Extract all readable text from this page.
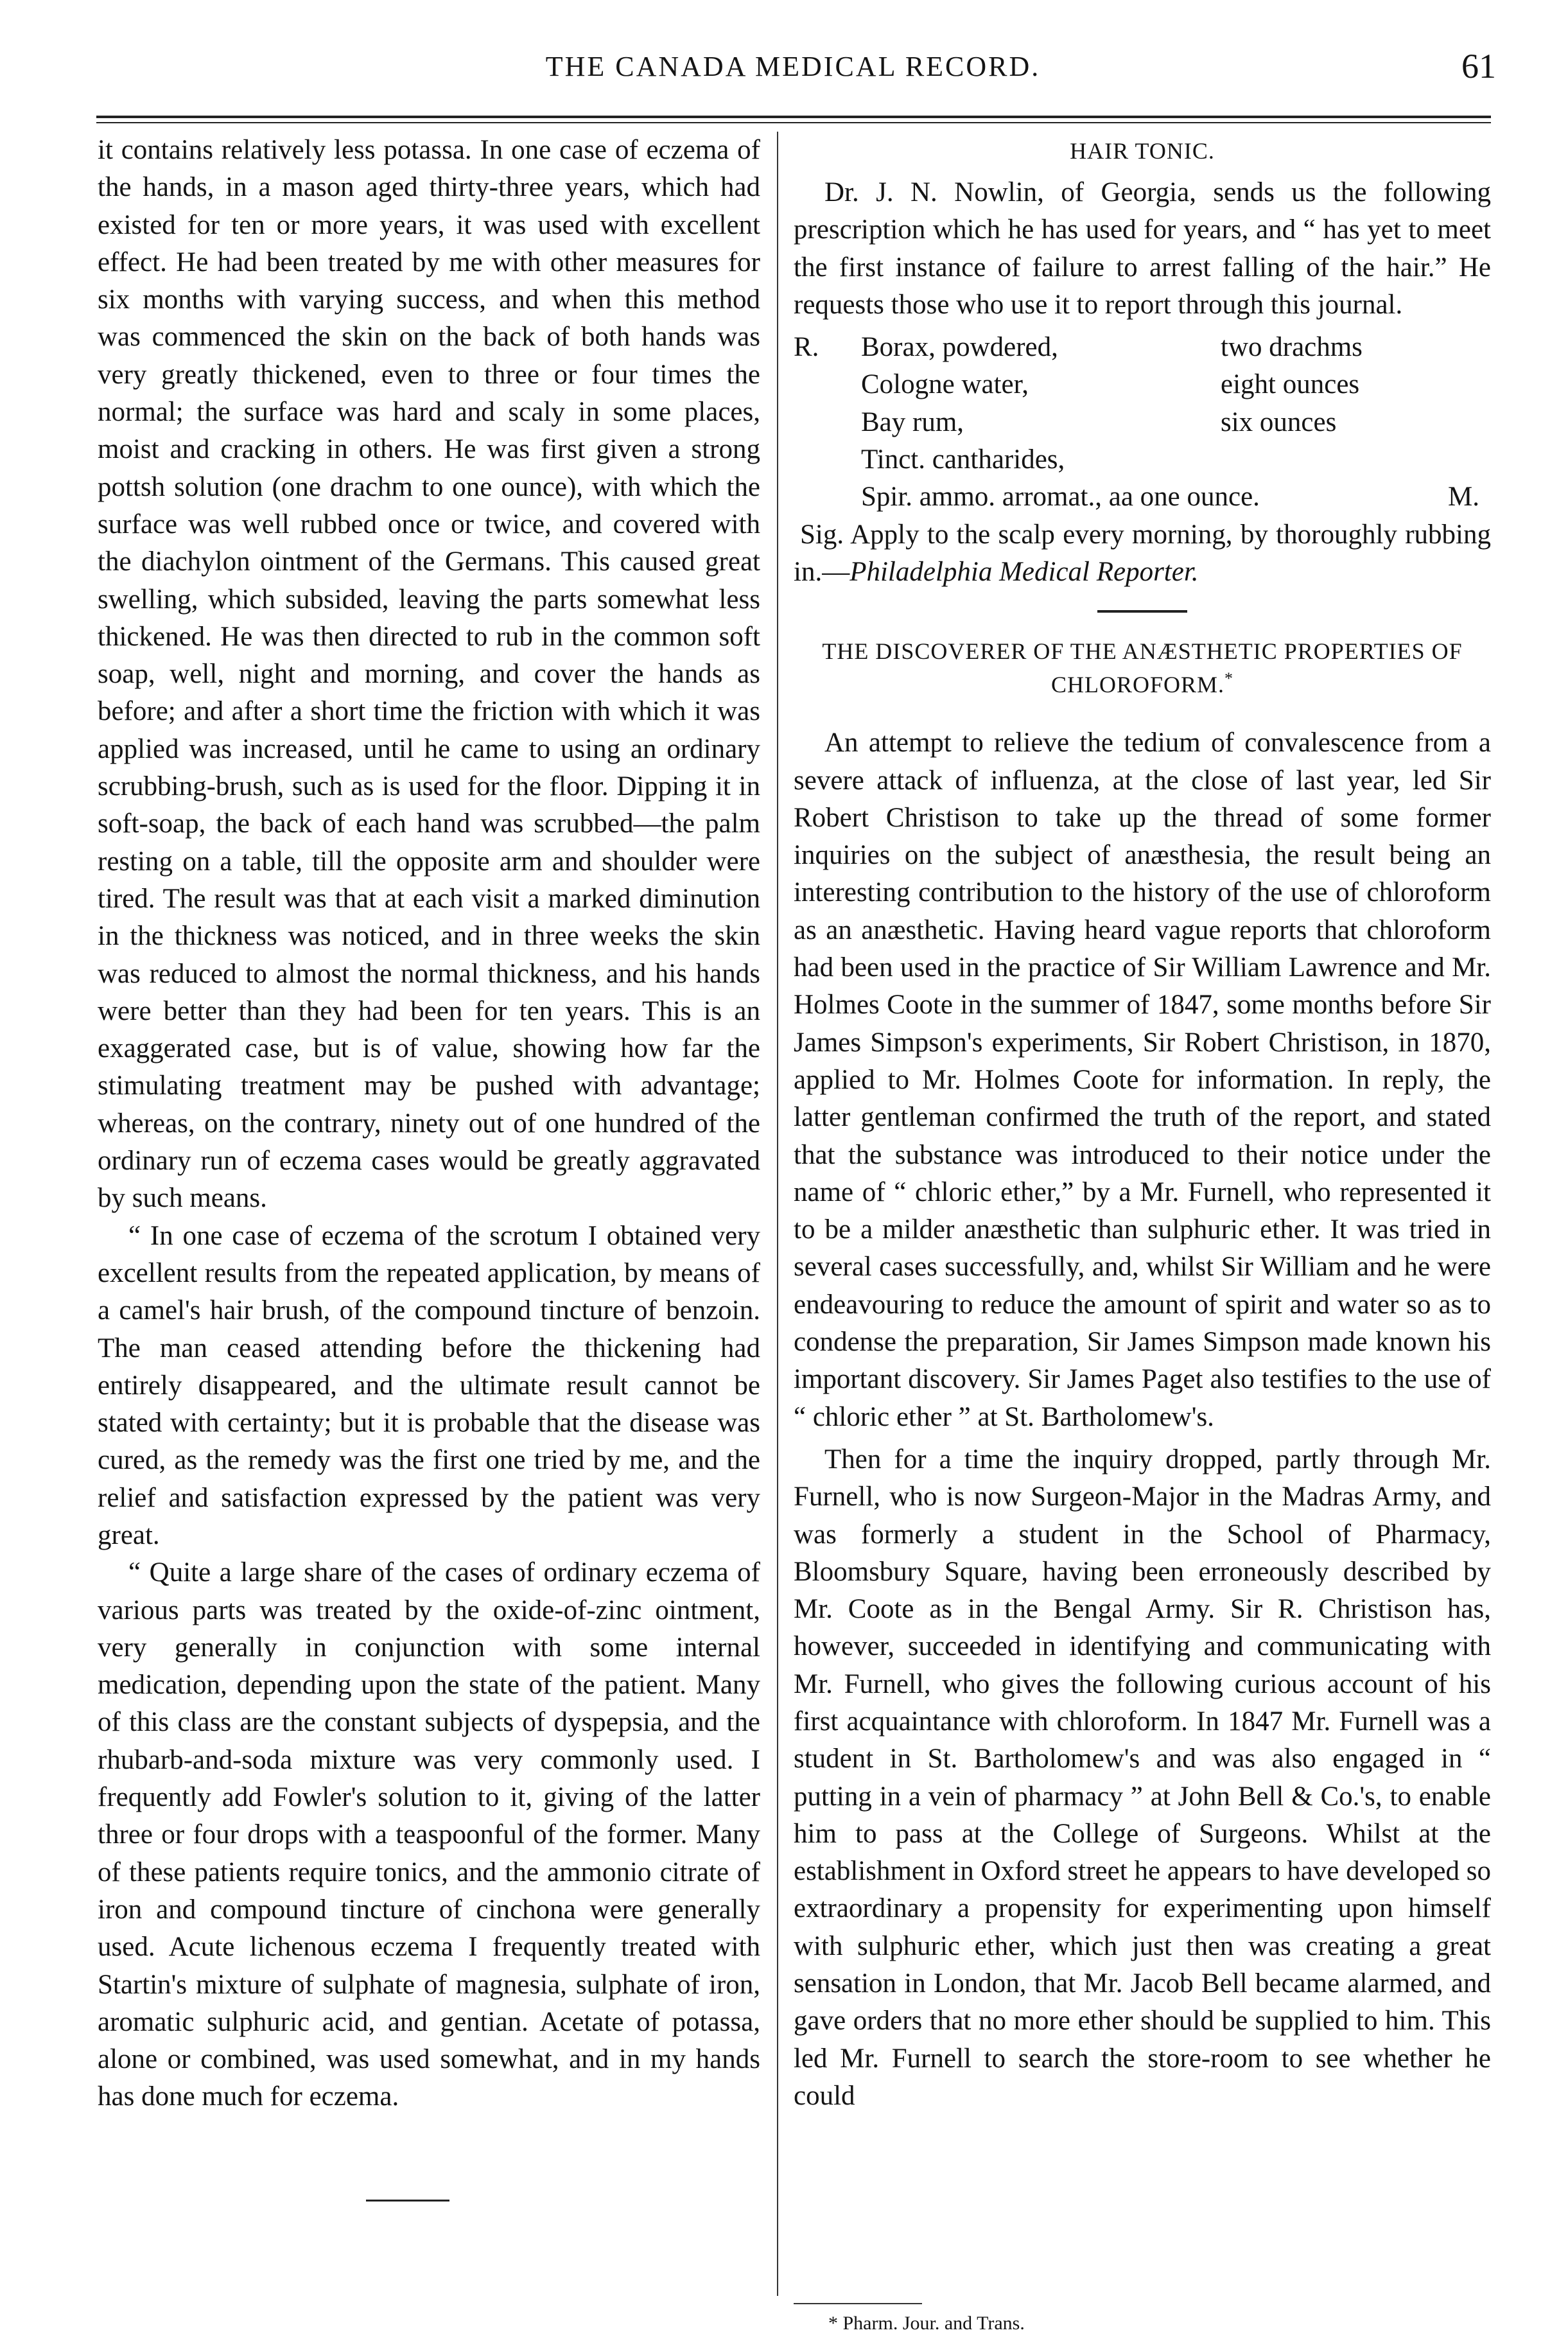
THE CANADA MEDICAL RECORD.	61

it contains relatively less potassa. In one case of eczema of the hands, in a mason aged thirty-three years, which had existed for ten or more years, it was used with excellent effect. He had been treated by me with other measures for six months with varying success, and when this method was commenced the skin on the back of both hands was very greatly thickened, even to three or four times the normal; the surface was hard and scaly in some places, moist and cracking in others. He was first given a strong pottsh solution (one drachm to one ounce), with which the surface was well rubbed once or twice, and covered with the diachylon ointment of the Germans. This caused great swelling, which subsided, leaving the parts somewhat less thickened. He was then directed to rub in the common soft soap, well, night and morning, and cover the hands as before; and after a short time the friction with which it was applied was increased, until he came to using an ordinary scrubbing-brush, such as is used for the floor. Dipping it in soft-soap, the back of each hand was scrubbed—the palm resting on a table, till the opposite arm and shoulder were tired. The result was that at each visit a marked diminution in the thickness was noticed, and in three weeks the skin was reduced to almost the normal thickness, and his hands were better than they had been for ten years. This is an exaggerated case, but is of value, showing how far the stimulating treatment may be pushed with advantage; whereas, on the contrary, ninety out of one hundred of the ordinary run of eczema cases would be greatly aggravated by such means.

“ In one case of eczema of the scrotum I obtained very excellent results from the repeated application, by means of a camel's hair brush, of the compound tincture of benzoin. The man ceased attending before the thickening had entirely disappeared, and the ultimate result cannot be stated with certainty; but it is probable that the disease was cured, as the remedy was the first one tried by me, and the relief and satisfaction expressed by the patient was very great.

“ Quite a large share of the cases of ordinary eczema of various parts was treated by the oxide-of-zinc ointment, very generally in conjunction with some internal medication, depending upon the state of the patient. Many of this class are the constant subjects of dyspepsia, and the rhubarb-and-soda mixture was very commonly used. I frequently add Fowler's solution to it, giving of the latter three or four drops with a teaspoonful of the former. Many of these patients require tonics, and the ammonio citrate of iron and compound tincture of cinchona were generally used. Acute lichenous eczema I frequently treated with Startin's mixture of sulphate of magnesia, sulphate of iron, aromatic sulphuric acid, and gentian. Acetate of potassa, alone or combined, was used somewhat, and in my hands has done much for eczema.

HAIR TONIC.

Dr. J. N. Nowlin, of Georgia, sends us the following prescription which he has used for years, and “ has yet to meet the first instance of failure to arrest falling of the hair.” He requests those who use it to report through this journal.

R.	Borax, powdered,	two drachms
Cologne water,	eight ounces
Bay rum,	six ounces
Tinct. cantharides,
Spir. ammo. arromat., aa one ounce.	M.

Sig. Apply to the scalp every morning, by thoroughly rubbing in.—Philadelphia Medical Reporter.

THE DISCOVERER OF THE ANÆSTHETIC PROPERTIES OF CHLOROFORM.*

An attempt to relieve the tedium of convalescence from a severe attack of influenza, at the close of last year, led Sir Robert Christison to take up the thread of some former inquiries on the subject of anæsthesia, the result being an interesting contribution to the history of the use of chloroform as an anæsthetic. Having heard vague reports that chloroform had been used in the practice of Sir William Lawrence and Mr. Holmes Coote in the summer of 1847, some months before Sir James Simpson's experiments, Sir Robert Christison, in 1870, applied to Mr. Holmes Coote for information. In reply, the latter gentleman confirmed the truth of the report, and stated that the substance was introduced to their notice under the name of “ chloric ether,” by a Mr. Furnell, who represented it to be a milder anæsthetic than sulphuric ether. It was tried in several cases successfully, and, whilst Sir William and he were endeavouring to reduce the amount of spirit and water so as to condense the preparation, Sir James Simpson made known his important discovery. Sir James Paget also testifies to the use of “ chloric ether ” at St. Bartholomew's.

Then for a time the inquiry dropped, partly through Mr. Furnell, who is now Surgeon-Major in the Madras Army, and was formerly a student in the School of Pharmacy, Bloomsbury Square, having been erroneously described by Mr. Coote as in the Bengal Army. Sir R. Christison has, however, succeeded in identifying and communicating with Mr. Furnell, who gives the following curious account of his first acquaintance with chloroform. In 1847 Mr. Furnell was a student in St. Bartholomew's and was also engaged in “ putting in a vein of pharmacy ” at John Bell & Co.'s, to enable him to pass at the College of Surgeons. Whilst at the establishment in Oxford street he appears to have developed so extraordinary a propensity for experimenting upon himself with sulphuric ether, which just then was creating a great sensation in London, that Mr. Jacob Bell became alarmed, and gave orders that no more ether should be supplied to him. This led Mr. Furnell to search the store-room to see whether he could

* Pharm. Jour. and Trans.
